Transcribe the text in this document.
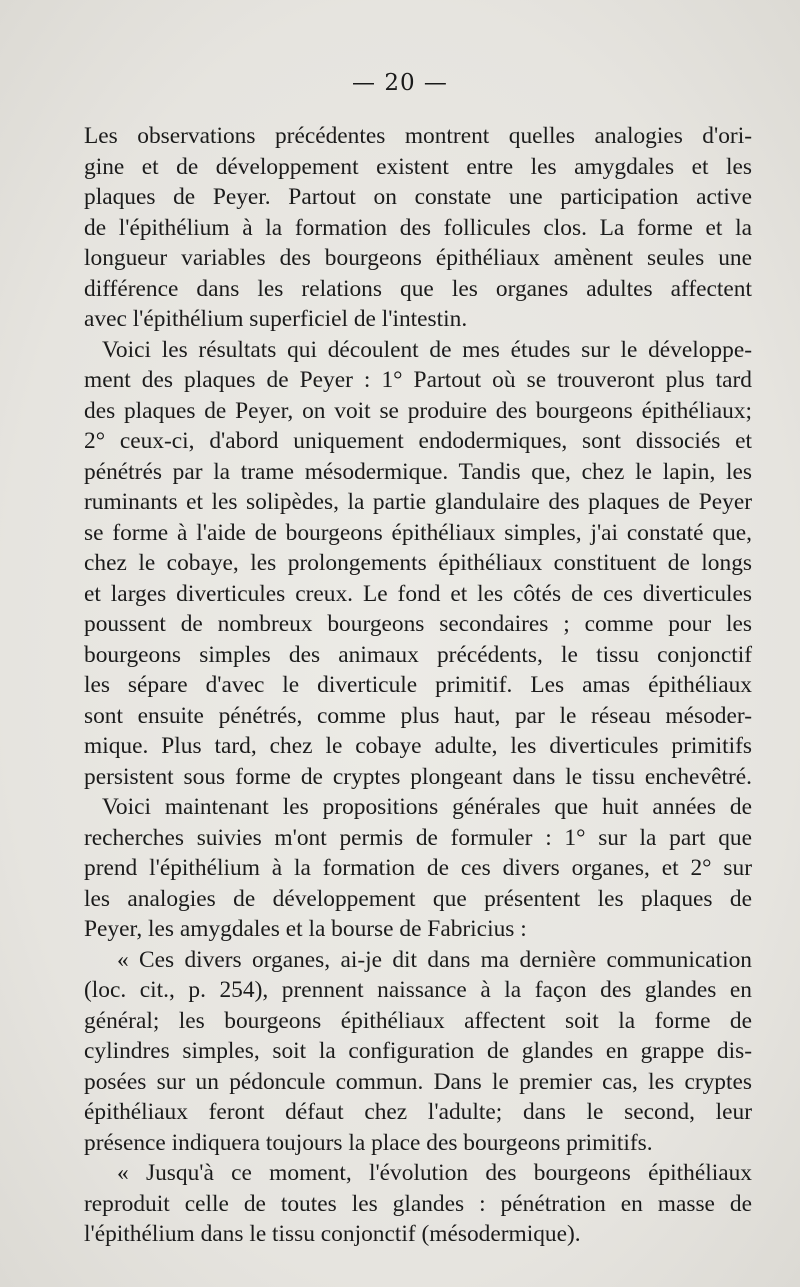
— 20 —
Les observations précédentes montrent quelles analogies d'ori-
gine et de développement existent entre les amygdales et les
plaques de Peyer. Partout on constate une participation active
de l'épithélium à la formation des follicules clos. La forme et la
longueur variables des bourgeons épithéliaux amènent seules une
différence dans les relations que les organes adultes affectent
avec l'épithélium superficiel de l'intestin.
Voici les résultats qui découlent de mes études sur le développe-
ment des plaques de Peyer : 1° Partout où se trouveront plus tard
des plaques de Peyer, on voit se produire des bourgeons épithéliaux;
2° ceux-ci, d'abord uniquement endodermiques, sont dissociés et
pénétrés par la trame mésodermique. Tandis que, chez le lapin, les
ruminants et les solipèdes, la partie glandulaire des plaques de Peyer
se forme à l'aide de bourgeons épithéliaux simples, j'ai constaté que,
chez le cobaye, les prolongements épithéliaux constituent de longs
et larges diverticules creux. Le fond et les côtés de ces diverticules
poussent de nombreux bourgeons secondaires ; comme pour les
bourgeons simples des animaux précédents, le tissu conjonctif
les sépare d'avec le diverticule primitif. Les amas épithéliaux
sont ensuite pénétrés, comme plus haut, par le réseau mésoder-
mique. Plus tard, chez le cobaye adulte, les diverticules primitifs
persistent sous forme de cryptes plongeant dans le tissu enchevêtré.
Voici maintenant les propositions générales que huit années de
recherches suivies m'ont permis de formuler : 1° sur la part que
prend l'épithélium à la formation de ces divers organes, et 2° sur
les analogies de développement que présentent les plaques de
Peyer, les amygdales et la bourse de Fabricius :
« Ces divers organes, ai-je dit dans ma dernière communication
(loc. cit., p. 254), prennent naissance à la façon des glandes en
général; les bourgeons épithéliaux affectent soit la forme de
cylindres simples, soit la configuration de glandes en grappe dis-
posées sur un pédoncule commun. Dans le premier cas, les cryptes
épithéliaux feront défaut chez l'adulte; dans le second, leur
présence indiquera toujours la place des bourgeons primitifs.
« Jusqu'à ce moment, l'évolution des bourgeons épithéliaux
reproduit celle de toutes les glandes : pénétration en masse de
l'épithélium dans le tissu conjonctif (mésodermique).
